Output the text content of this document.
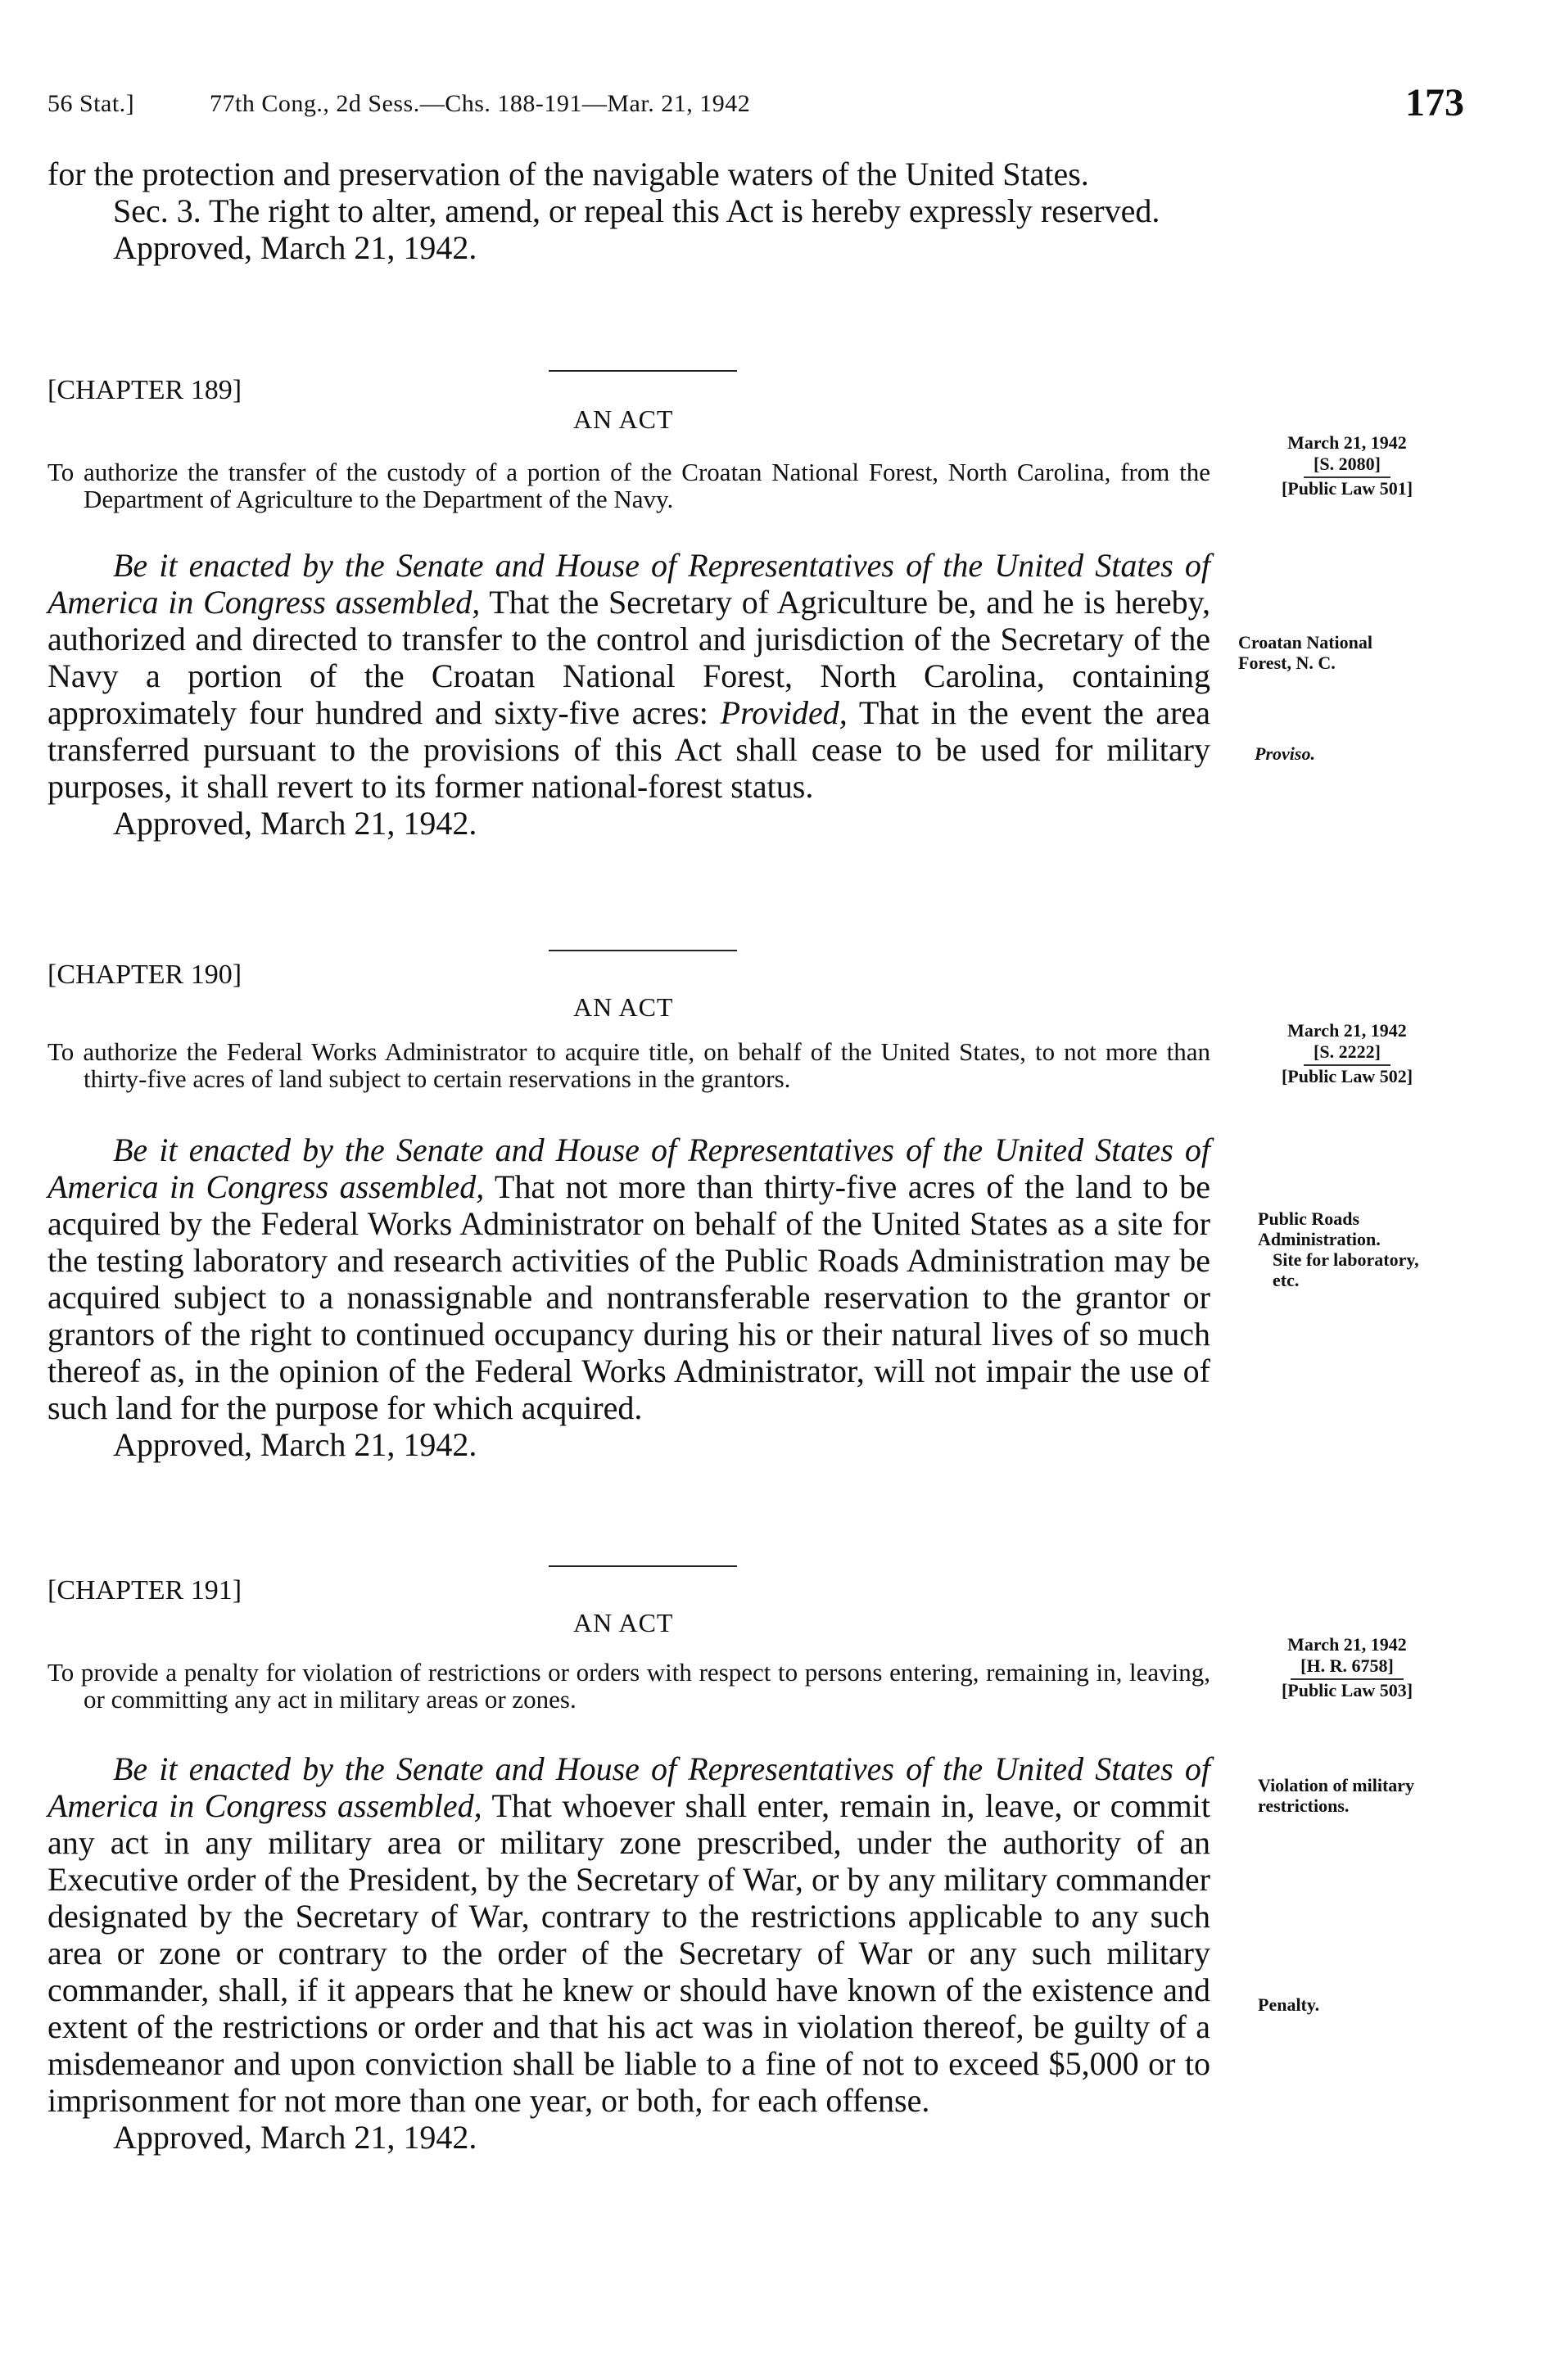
56 Stat.]	77th Cong., 2d Sess.—Chs. 188-191—Mar. 21, 1942	173

for the protection and preservation of the navigable waters of the United States.

Sec. 3. The right to alter, amend, or repeal this Act is hereby expressly reserved.

Approved, March 21, 1942.

[CHAPTER 189]
AN ACT
March 21, 1942
[S. 2080]
[Public Law 501]

To authorize the transfer of the custody of a portion of the Croatan National Forest, North Carolina, from the Department of Agriculture to the Department of the Navy.

Be it enacted by the Senate and House of Representatives of the United States of America in Congress assembled, That the Secretary of Agriculture be, and he is hereby, authorized and directed to transfer to the control and jurisdiction of the Secretary of the Navy a portion of the Croatan National Forest, North Carolina, containing approximately four hundred and sixty-five acres: Provided, That in the event the area transferred pursuant to the provisions of this Act shall cease to be used for military purposes, it shall revert to its former national-forest status.

Approved, March 21, 1942.

Croatan National Forest, N. C.
Proviso.
[CHAPTER 190]
AN ACT
March 21, 1942
[S. 2222]
[Public Law 502]

To authorize the Federal Works Administrator to acquire title, on behalf of the United States, to not more than thirty-five acres of land subject to certain reservations in the grantors.

Be it enacted by the Senate and House of Representatives of the United States of America in Congress assembled, That not more than thirty-five acres of the land to be acquired by the Federal Works Administrator on behalf of the United States as a site for the testing laboratory and research activities of the Public Roads Administration may be acquired subject to a nonassignable and nontransferable reservation to the grantor or grantors of the right to continued occupancy during his or their natural lives of so much thereof as, in the opinion of the Federal Works Administrator, will not impair the use of such land for the purpose for which acquired.

Approved, March 21, 1942.

Public Roads Administration.
Site for laboratory, etc.
[CHAPTER 191]
AN ACT
March 21, 1942
[H. R. 6758]
[Public Law 503]

To provide a penalty for violation of restrictions or orders with respect to persons entering, remaining in, leaving, or committing any act in military areas or zones.

Be it enacted by the Senate and House of Representatives of the United States of America in Congress assembled, That whoever shall enter, remain in, leave, or commit any act in any military area or military zone prescribed, under the authority of an Executive order of the President, by the Secretary of War, or by any military commander designated by the Secretary of War, contrary to the restrictions applicable to any such area or zone or contrary to the order of the Secretary of War or any such military commander, shall, if it appears that he knew or should have known of the existence and extent of the restrictions or order and that his act was in violation thereof, be guilty of a misdemeanor and upon conviction shall be liable to a fine of not to exceed $5,000 or to imprisonment for not more than one year, or both, for each offense.

Approved, March 21, 1942.

Violation of military restrictions.
Penalty.
